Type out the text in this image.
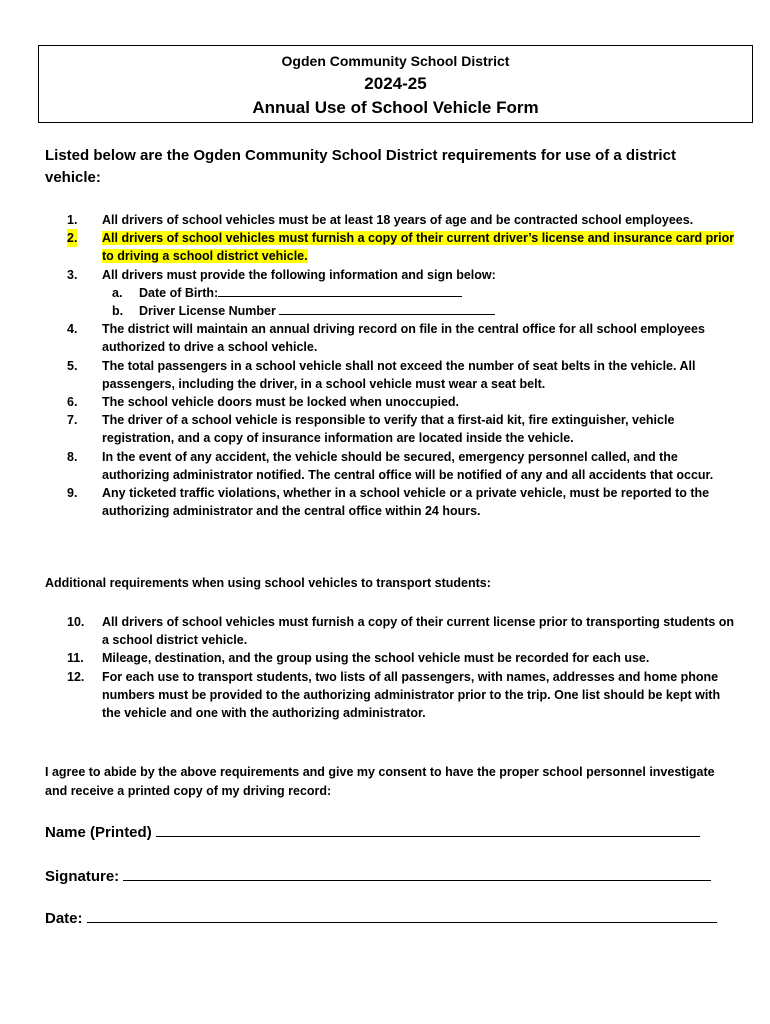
Ogden Community School District
2024-25
Annual Use of School Vehicle Form
Listed below are the Ogden Community School District requirements for use of a district vehicle:
1. All drivers of school vehicles must be at least 18 years of age and be contracted school employees.
2. All drivers of school vehicles must furnish a copy of their current driver’s license and insurance card prior to driving a school district vehicle.
3. All drivers must provide the following information and sign below:
a. Date of Birth:
b. Driver License Number
4. The district will maintain an annual driving record on file in the central office for all school employees authorized to drive a school vehicle.
5. The total passengers in a school vehicle shall not exceed the number of seat belts in the vehicle. All passengers, including the driver, in a school vehicle must wear a seat belt.
6. The school vehicle doors must be locked when unoccupied.
7. The driver of a school vehicle is responsible to verify that a first-aid kit, fire extinguisher, vehicle registration, and a copy of insurance information are located inside the vehicle.
8. In the event of any accident, the vehicle should be secured, emergency personnel called, and the authorizing administrator notified. The central office will be notified of any and all accidents that occur.
9. Any ticketed traffic violations, whether in a school vehicle or a private vehicle, must be reported to the authorizing administrator and the central office within 24 hours.
Additional requirements when using school vehicles to transport students:
10. All drivers of school vehicles must furnish a copy of their current license prior to transporting students on a school district vehicle.
11. Mileage, destination, and the group using the school vehicle must be recorded for each use.
12. For each use to transport students, two lists of all passengers, with names, addresses and home phone numbers must be provided to the authorizing administrator prior to the trip. One list should be kept with the vehicle and one with the authorizing administrator.
I agree to abide by the above requirements and give my consent to have the proper school personnel investigate and receive a printed copy of my driving record:
Name (Printed)
Signature:
Date:
